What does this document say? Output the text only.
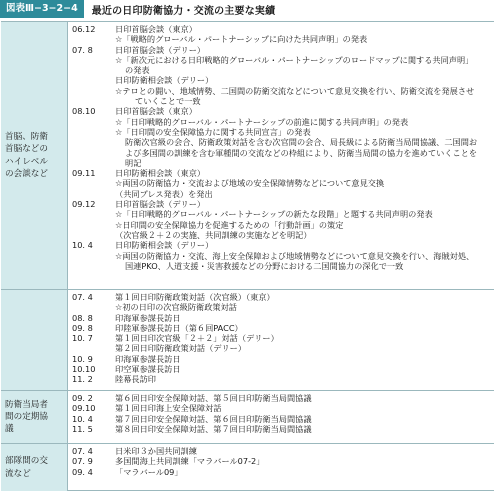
図表Ⅲ−3−2−4	最近の日印防衛協力・交流の主要な実績
首脳、防衛
首脳などの
ハイレベル
の会談など
06.12
07. 8
08.10
09.11
09.12
10. 4
日印首脳会談（東京）
☆「戦略的グローバル・パートナーシップに向けた共同声明」の発表
日印首脳会談（デリー）
☆「新次元における日印戦略的グローバル・パートナーシップのロードマップに関する共同声明」
の発表
日印防衛相会談（デリー）
☆テロとの闘い、地域情勢、二国間の防衛交流などについて意見交換を行い、防衛交流を発展させ
ていくことで一致
日印首脳会談（東京）
☆「日印戦略的グローバル・パートナーシップの前進に関する共同声明」の発表
☆「日印間の安全保障協力に関する共同宣言」の発表
防衛次官級の会合、防衛政策対話を含む次官間の会合、局長級による防衛当局間協議、二国間お
よび多国間の訓練を含む軍種間の交流などの枠組により、防衛当局間の協力を進めていくことを
明記
日印防衛相会談（東京）
☆両国の防衛協力・交流および地域の安全保障情勢などについて意見交換
（共同プレス発表）を発出
日印首脳会談（デリー）
☆「日印戦略的グローバル・パートナーシップの新たな段階」と題する共同声明の発表
☆日印間の安全保障協力を促進するための「行動計画」の策定
（次官級２＋２の実施、共同訓練の実施などを明記）
日印防衛相会談（デリー）
☆両国の防衛協力・交流、海上安全保障および地域情勢などについて意見交換を行い、海賊対処、
国連PKO、人道支援・災害救援などの分野における二国間協力の深化で一致
07. 4
08. 8
09. 8
10. 7
10. 9
10.10
11. 2
第１回日印防衛政策対話（次官級）（東京）
☆初の日印の次官級防衛政策対話
印海軍参謀長訪日
印陸軍参謀長訪日（第６回PACC）
第１回日印次官級「２＋２」対話（デリー）
第２回日印防衛政策対話（デリー）
印海軍参謀長訪日
印空軍参謀長訪日
陸幕長訪印
防衛当局者
間の定期協
議
09. 2
09.10
10. 4
11. 5
第６回日印安全保障対話、第５回日印防衛当局間協議
第１回日印海上安全保障対話
第７回日印安全保障対話、第６回日印防衛当局間協議
第８回日印安全保障対話、第７回日印防衛当局間協議
部隊間の交
流など
07. 4
07. 9
09. 4
日米印３か国共同訓練
多国間海上共同訓練「マラバール07-2」
「マラバール09」
